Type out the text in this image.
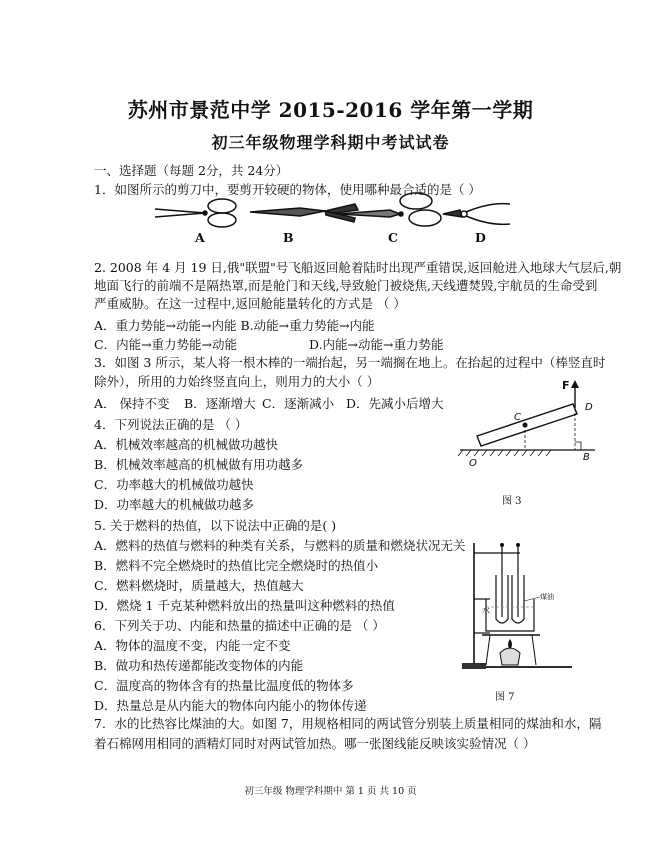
苏州市景范中学 2015-2016 学年第一学期
初三年级物理学科期中考试试卷
一、选择题（每题 2分，共 24分）
1．如图所示的剪刀中，要剪开较硬的物体，使用哪种最合适的是（ ）
A	B	C	D
2. 2008 年 4 月 19 日,俄"联盟"号飞船返回舱着陆时出现严重错误,返回舱进入地球大气层后,朝
地面飞行的前端不是隔热罩,而是舱门和天线,导致舱门被烧焦,天线遭焚毁,宇航员的生命受到
严重威胁。在这一过程中,返回舱能量转化的方式是 （ ）
A．重力势能→动能→内能 B.动能→重力势能→内能
C．内能→重力势能→动能	D.内能→动能→重力势能
3．如图 3 所示，某人将一根木棒的一端抬起，另一端搁在地上。在抬起的过程中（棒竖直时
除外），所用的力始终竖直向上，则用力的大小（ ）
A． 保持不变 B．逐渐增大 C．逐渐减小 D．先减小后增大
F
D
C
O
B
图 3
4．下列说法正确的是 （ ）
A．机械效率越高的机械做功越快
B．机械效率越高的机械做有用功越多
C．功率越大的机械做功越快
D．功率越大的机械做功越多
5. 关于燃料的热值，以下说法中正确的是( )
A．燃料的热值与燃料的种类有关系，与燃料的质量和燃烧状况无关
B．燃料不完全燃烧时的热值比完全燃烧时的热值小
C．燃料燃烧时，质量越大，热值越大
D．燃烧 1 千克某种燃料放出的热量叫这种燃料的热值	水
煤油
图 7
6．下列关于功、内能和热量的描述中正确的是 （ ）
A．物体的温度不变，内能一定不变
B．做功和热传递都能改变物体的内能
C．温度高的物体含有的热量比温度低的物体多
D．热量总是从内能大的物体向内能小的物体传递
7．水的比热容比煤油的大。如图 7，用规格相同的两试管分别装上质量相同的煤油和水，隔
着石棉网用相同的酒精灯同时对两试管加热。哪一张图线能反映该实验情况（ ）
初三年级 物理学科期中 第 1 页 共 10 页
